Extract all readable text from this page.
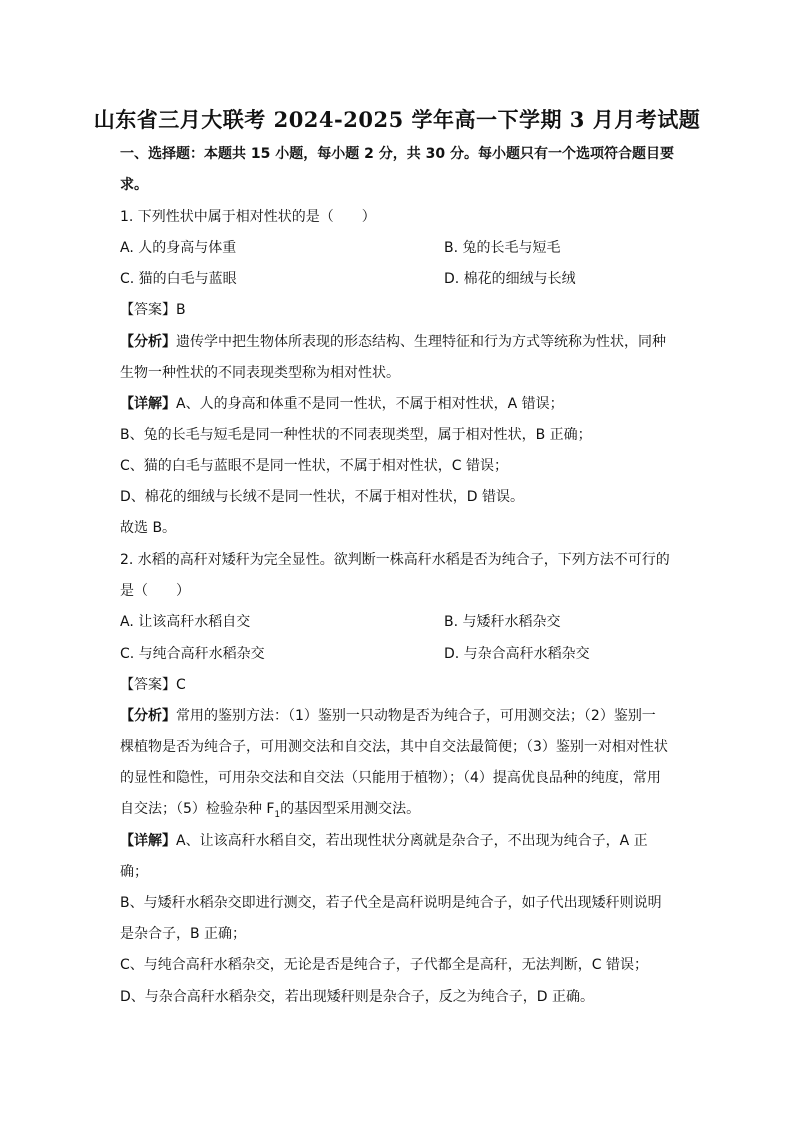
山东省三月大联考 2024-2025 学年高一下学期 3 月月考试题
一、选择题：本题共 15 小题，每小题 2 分，共 30 分。每小题只有一个选项符合题目要
求。
1. 下列性状中属于相对性状的是（　　）
A. 人的身高与体重	B. 兔的长毛与短毛
C. 猫的白毛与蓝眼	D. 棉花的细绒与长绒
【答案】B
【分析】遗传学中把生物体所表现的形态结构、生理特征和行为方式等统称为性状，同种
生物一种性状的不同表现类型称为相对性状。
【详解】A、人的身高和体重不是同一性状，不属于相对性状，A 错误；
B、兔的长毛与短毛是同一种性状的不同表现类型，属于相对性状，B 正确；
C、猫的白毛与蓝眼不是同一性状，不属于相对性状，C 错误；
D、棉花的细绒与长绒不是同一性状，不属于相对性状，D 错误。
故选 B。
2. 水稻的高秆对矮秆为完全显性。欲判断一株高秆水稻是否为纯合子，下列方法不可行的
是（　　）
A. 让该高秆水稻自交	B. 与矮秆水稻杂交
C. 与纯合高秆水稻杂交	D. 与杂合高秆水稻杂交
【答案】C
【分析】常用的鉴别方法：（1）鉴别一只动物是否为纯合子，可用测交法；（2）鉴别一
棵植物是否为纯合子，可用测交法和自交法，其中自交法最简便；（3）鉴别一对相对性状
的显性和隐性，可用杂交法和自交法（只能用于植物）；（4）提高优良品种的纯度，常用
自交法；（5）检验杂种 $F_1$的基因型采用测交法。
【详解】A、让该高秆水稻自交，若出现性状分离就是杂合子，不出现为纯合子，A 正
确；
B、与矮秆水稻杂交即进行测交，若子代全是高秆说明是纯合子，如子代出现矮秆则说明
是杂合子，B 正确；
C、与纯合高秆水稻杂交，无论是否是纯合子，子代都全是高秆，无法判断，C 错误；
D、与杂合高秆水稻杂交，若出现矮秆则是杂合子，反之为纯合子，D 正确。
